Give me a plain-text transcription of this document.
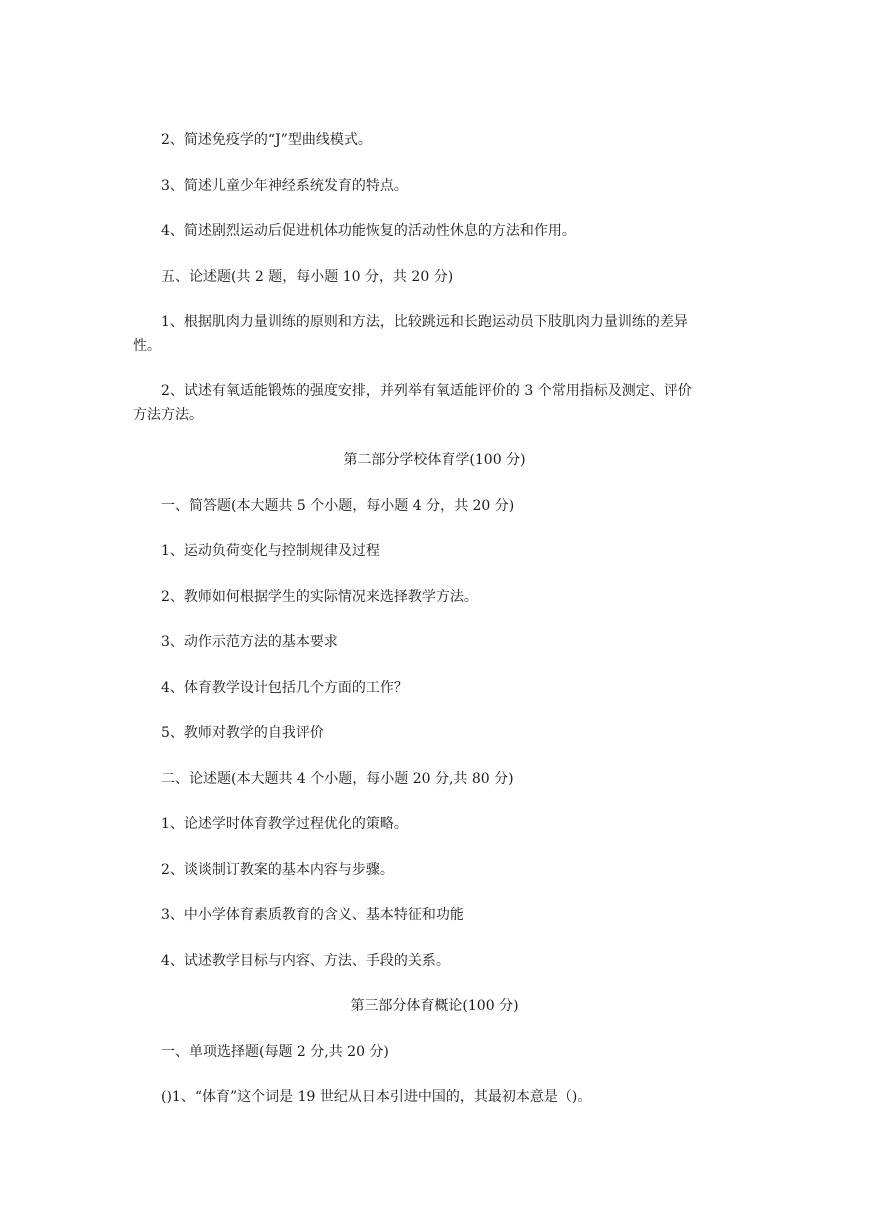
2、简述免疫学的“J”型曲线模式。
3、简述儿童少年神经系统发育的特点。
4、简述剧烈运动后促进机体功能恢复的活动性休息的方法和作用。
五、论述题(共 2 题，每小题 10 分，共 20 分)
1、根据肌肉力量训练的原则和方法，比较跳远和长跑运动员下肢肌肉力量训练的差异
性。
2、试述有氧适能锻炼的强度安排，并列举有氧适能评价的 3 个常用指标及测定、评价
方法方法。
第二部分学校体育学(100 分)
一、简答题(本大题共 5 个小题，每小题 4 分，共 20 分)
1、运动负荷变化与控制规律及过程
2、教师如何根据学生的实际情况来选择教学方法。
3、动作示范方法的基本要求
4、体育教学设计包括几个方面的工作？
5、教师对教学的自我评价
二、论述题(本大题共 4 个小题，每小题 20 分,共 80 分)
1、论述学时体育教学过程优化的策略。
2、谈谈制订教案的基本内容与步骤。
3、中小学体育素质教育的含义、基本特征和功能
4、试述教学目标与内容、方法、手段的关系。
第三部分体育概论(100 分)
一、单项选择题(每题 2 分,共 20 分)
()1、“体育”这个词是 19 世纪从日本引进中国的，其最初本意是（)。
